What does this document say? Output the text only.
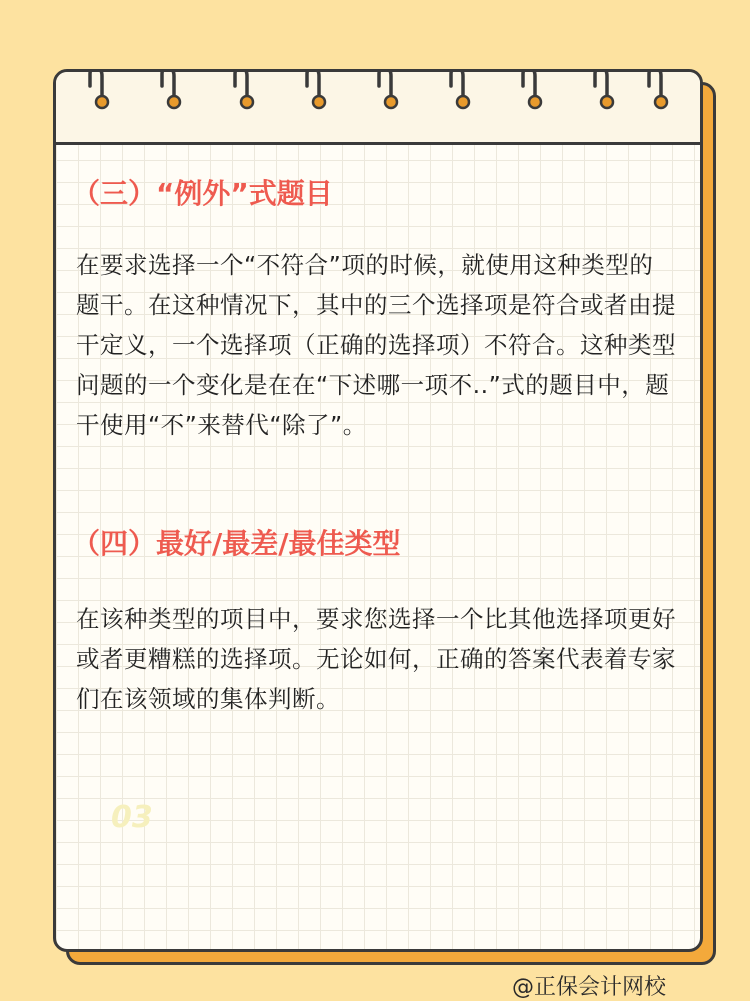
（三）“例外”式题目

在要求选择一个“不符合”项的时候，就使用这种类型的题干。在这种情况下，其中的三个选择项是符合或者由提干定义，一个选择项（正确的选择项）不符合。这种类型问题的一个变化是在在“下述哪一项不..”式的题目中，题干使用“不”来替代“除了”。

（四）最好/最差/最佳类型

在该种类型的项目中，要求您选择一个比其他选择项更好或者更糟糕的选择项。无论如何，正确的答案代表着专家们在该领域的集体判断。

03
@正保会计网校
